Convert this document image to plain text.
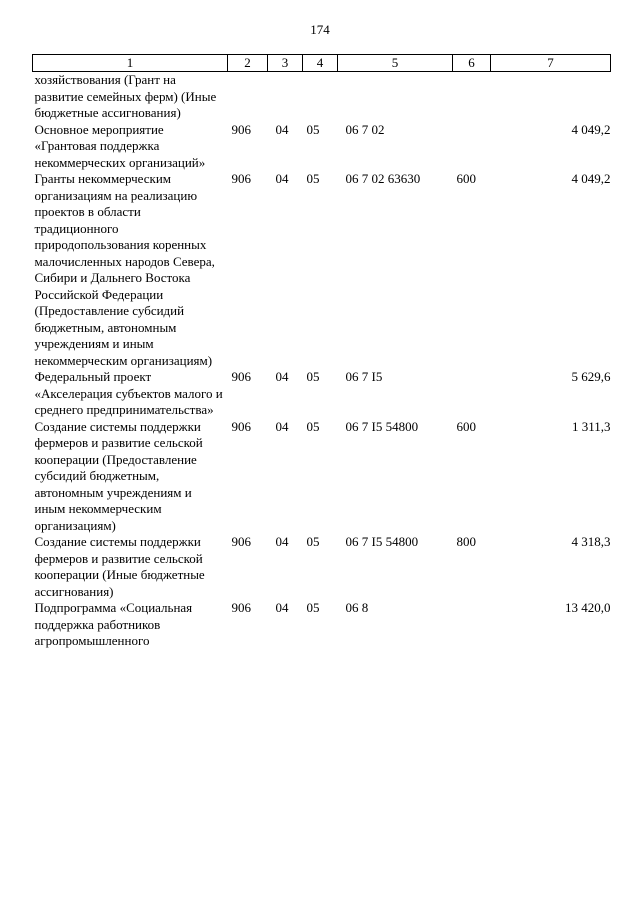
174
1	2	3	4	5	6	7
хозяйствования (Грант на развитие семейных ферм) (Иные бюджетные ассигнования)						
Основное мероприятие «Грантовая поддержка некоммерческих организаций»	906	04	05	06 7 02		4 049,2
Гранты некоммерческим организациям на реализацию проектов в области традиционного природопользования коренных малочисленных народов Севера, Сибири и Дальнего Востока Российской Федерации (Предоставление субсидий бюджетным, автономным учреждениям и иным некоммерческим организациям)	906	04	05	06 7 02 63630	600	4 049,2
Федеральный проект «Акселерация субъектов малого и среднего предпринимательства»	906	04	05	06 7 I5		5 629,6
Создание системы поддержки фермеров и развитие сельской кооперации (Предоставление субсидий бюджетным, автономным учреждениям и иным некоммерческим организациям)	906	04	05	06 7 I5 54800	600	1 311,3
Создание системы поддержки фермеров и развитие сельской кооперации (Иные бюджетные ассигнования)	906	04	05	06 7 I5 54800	800	4 318,3
Подпрограмма «Социальная поддержка работников агропромышленного	906	04	05	06 8		13 420,0
